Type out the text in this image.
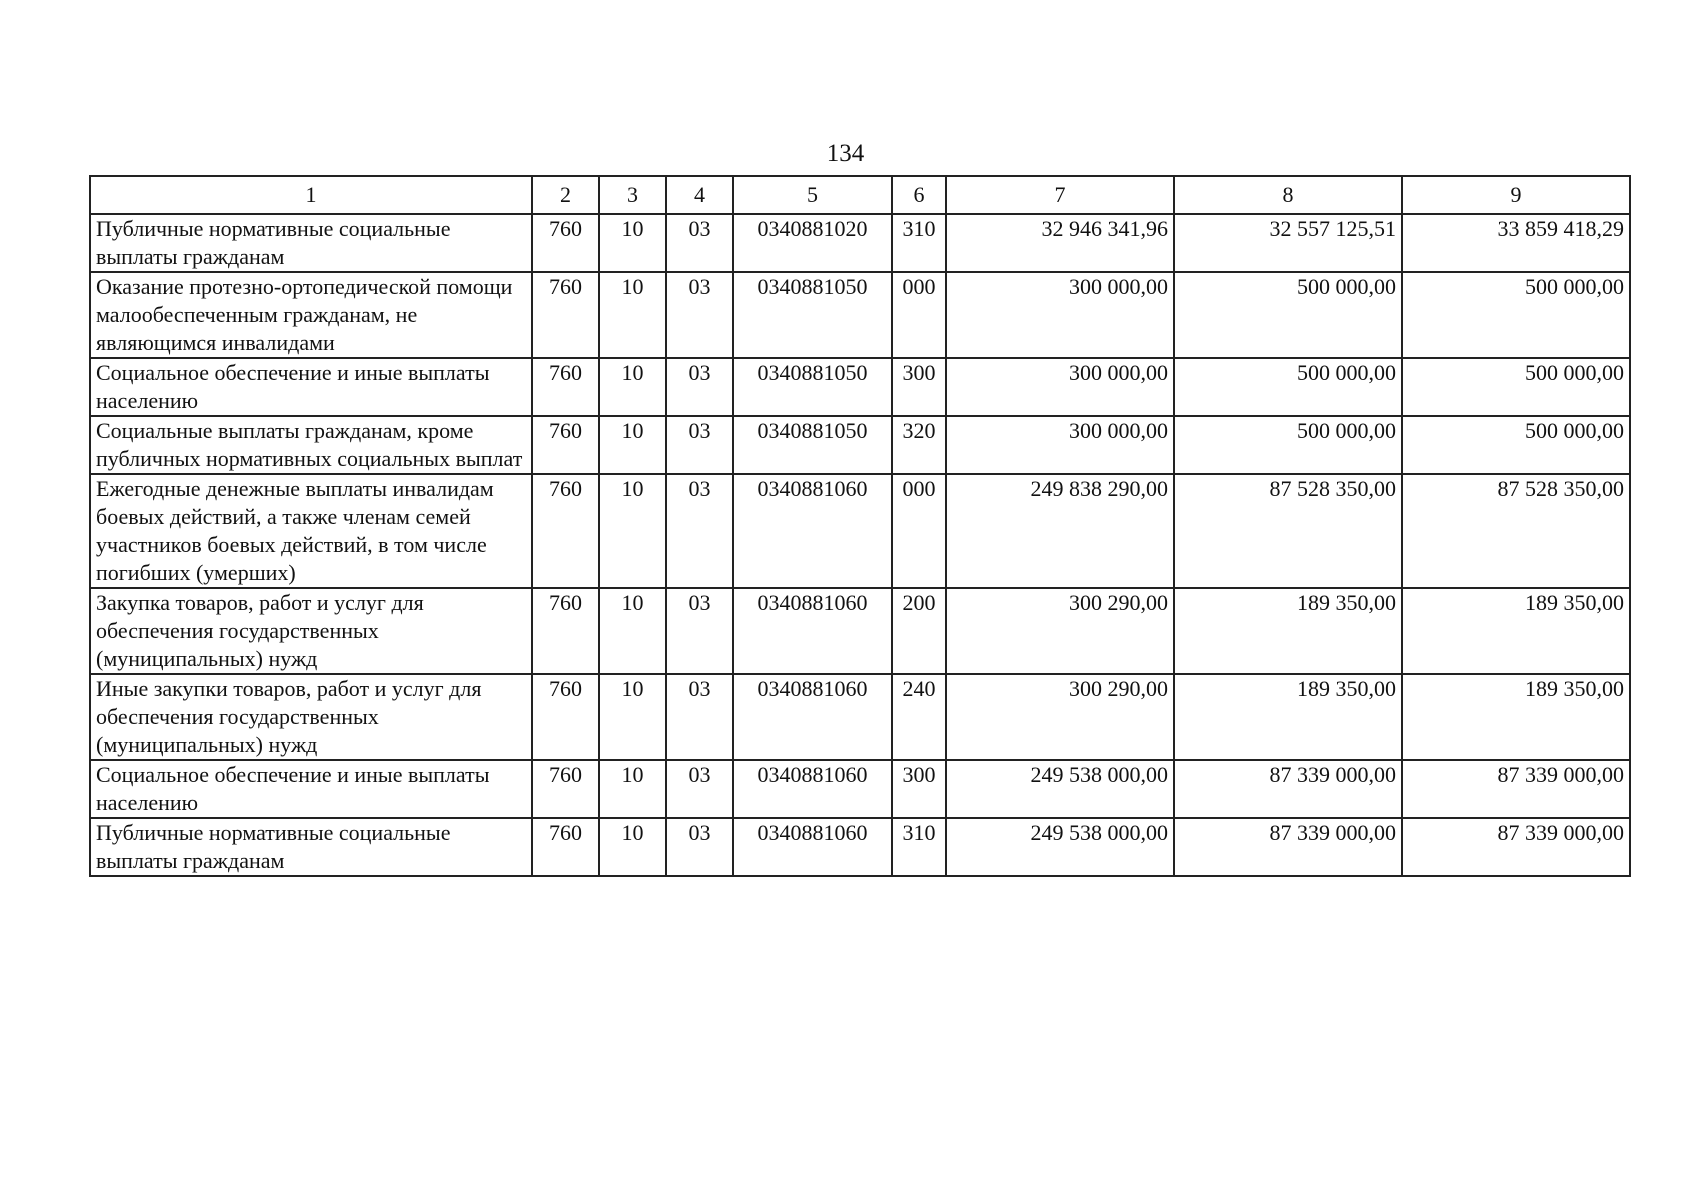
134
1	2	3	4	5	6	7	8	9
Публичные нормативные социальные выплаты гражданам	760	10	03	0340881020	310	32 946 341,96	32 557 125,51	33 859 418,29
Оказание протезно-ортопедической помощи малообеспеченным гражданам, не являющимся инвалидами	760	10	03	0340881050	000	300 000,00	500 000,00	500 000,00
Социальное обеспечение и иные выплаты населению	760	10	03	0340881050	300	300 000,00	500 000,00	500 000,00
Социальные выплаты гражданам, кроме публичных нормативных социальных выплат	760	10	03	0340881050	320	300 000,00	500 000,00	500 000,00
Ежегодные денежные выплаты инвалидам боевых действий, а также членам семей участников боевых действий, в том числе погибших (умерших)	760	10	03	0340881060	000	249 838 290,00	87 528 350,00	87 528 350,00
Закупка товаров, работ и услуг для обеспечения государственных (муниципальных) нужд	760	10	03	0340881060	200	300 290,00	189 350,00	189 350,00
Иные закупки товаров, работ и услуг для обеспечения государственных (муниципальных) нужд	760	10	03	0340881060	240	300 290,00	189 350,00	189 350,00
Социальное обеспечение и иные выплаты населению	760	10	03	0340881060	300	249 538 000,00	87 339 000,00	87 339 000,00
Публичные нормативные социальные выплаты гражданам	760	10	03	0340881060	310	249 538 000,00	87 339 000,00	87 339 000,00
